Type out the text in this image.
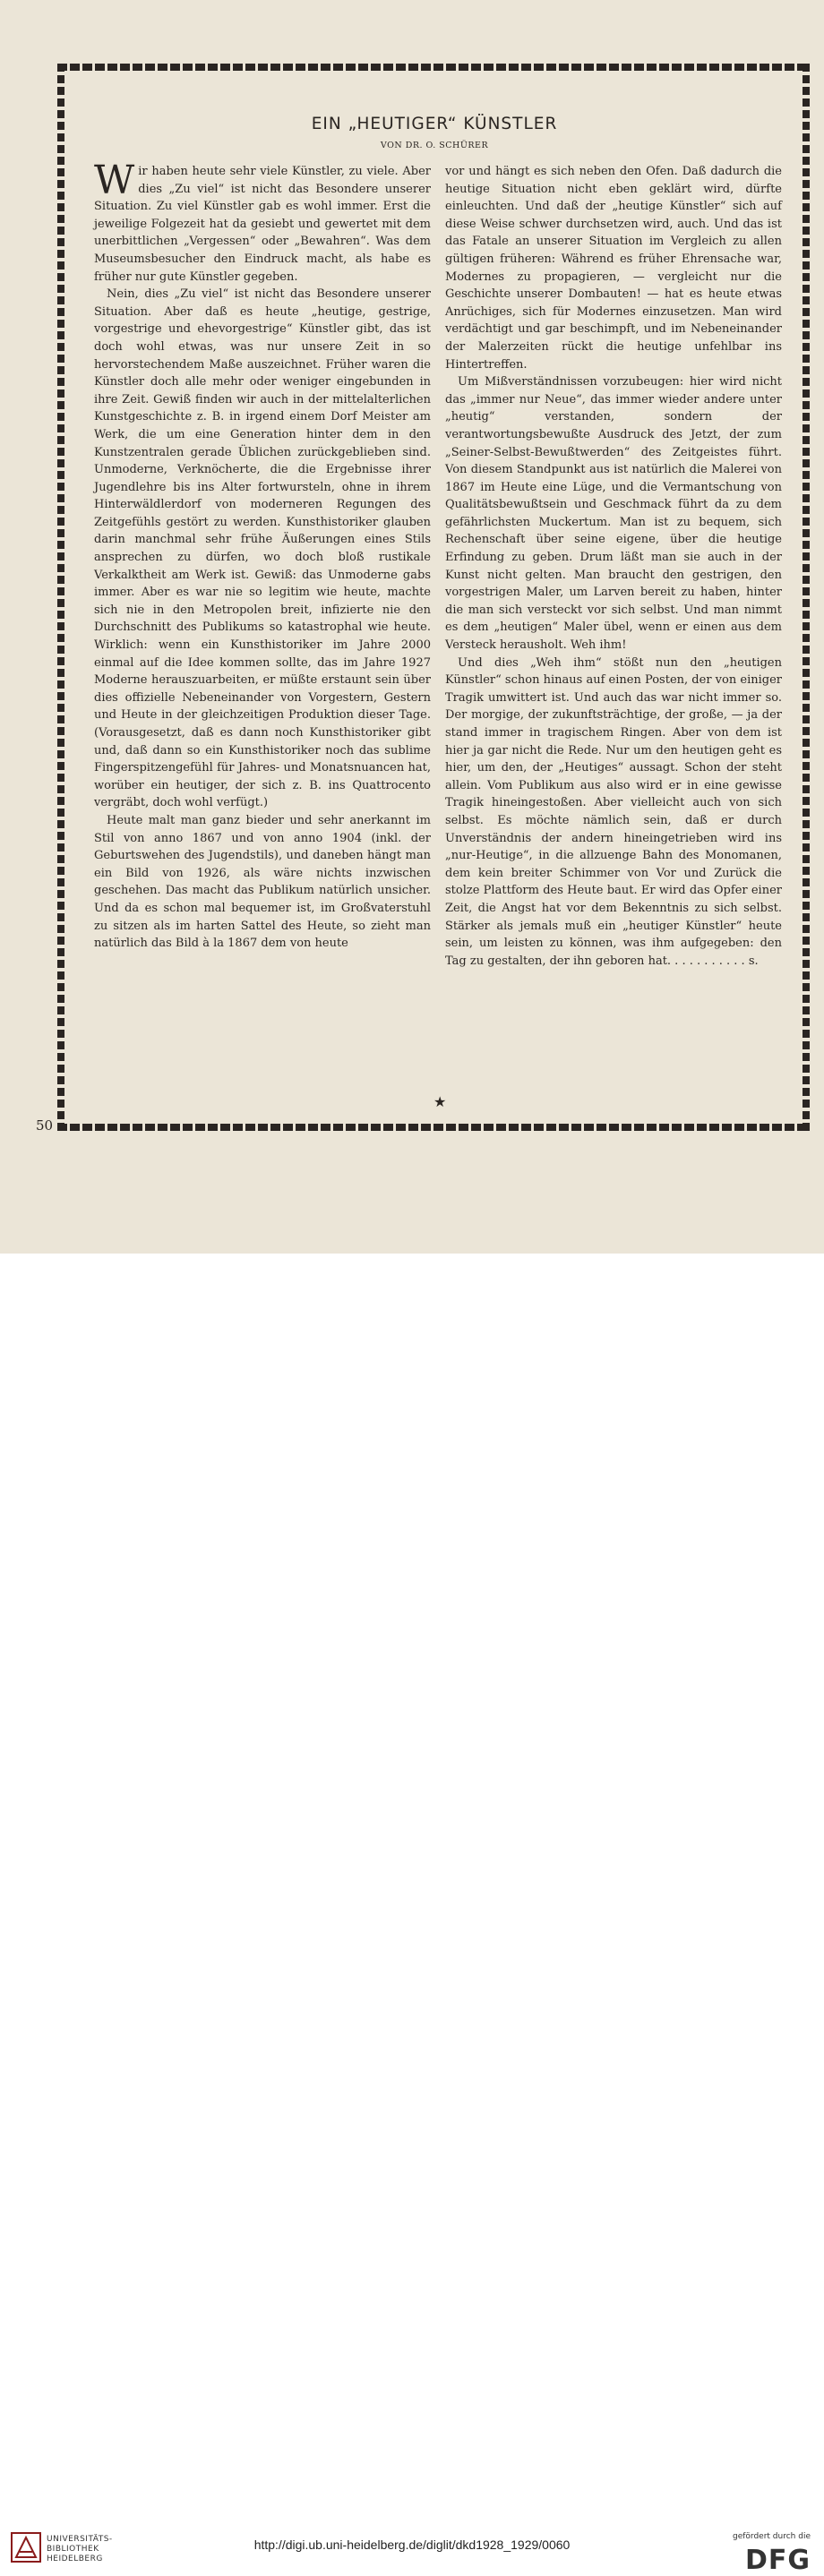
EIN „HEUTIGER“ KÜNSTLER
VON DR. O. SCHÜRER

Wir haben heute sehr viele Künstler, zu viele. Aber dies „Zu viel“ ist nicht das Besondere unserer Situation. Zu viel Künstler gab es wohl immer. Erst die jeweilige Folgezeit hat da gesiebt und gewertet mit dem unerbittlichen „Vergessen“ oder „Bewahren“. Was dem Museumsbesucher den Eindruck macht, als habe es früher nur gute Künstler gegeben.

Nein, dies „Zu viel“ ist nicht das Besondere unserer Situation. Aber daß es heute „heutige, gestrige, vorgestrige und ehevorgestrige“ Künstler gibt, das ist doch wohl etwas, was nur unsere Zeit in so hervorstechendem Maße auszeichnet. Früher waren die Künstler doch alle mehr oder weniger eingebunden in ihre Zeit. Gewiß finden wir auch in der mittelalterlichen Kunstgeschichte z. B. in irgend einem Dorf Meister am Werk, die um eine Generation hinter dem in den Kunstzentralen gerade Üblichen zurückgeblieben sind. Unmoderne, Verknöcherte, die die Ergebnisse ihrer Jugendlehre bis ins Alter fortwursteln, ohne in ihrem Hinterwäldlerdorf von moderneren Regungen des Zeitgefühls gestört zu werden. Kunsthistoriker glauben darin manchmal sehr frühe Äußerungen eines Stils ansprechen zu dürfen, wo doch bloß rustikale Verkalktheit am Werk ist. Gewiß: das Unmoderne gabs immer. Aber es war nie so legitim wie heute, machte sich nie in den Metropolen breit, infizierte nie den Durchschnitt des Publikums so katastrophal wie heute. Wirklich: wenn ein Kunsthistoriker im Jahre 2000 einmal auf die Idee kommen sollte, das im Jahre 1927 Moderne herauszuarbeiten, er müßte erstaunt sein über dies offizielle Nebeneinander von Vorgestern, Gestern und Heute in der gleichzeitigen Produktion dieser Tage. (Vorausgesetzt, daß es dann noch Kunsthistoriker gibt und, daß dann so ein Kunsthistoriker noch das sublime Fingerspitzengefühl für Jahres- und Monatsnuancen hat, worüber ein heutiger, der sich z. B. ins Quattrocento vergräbt, doch wohl verfügt.)

Heute malt man ganz bieder und sehr anerkannt im Stil von anno 1867 und von anno 1904 (inkl. der Geburtswehen des Jugendstils), und daneben hängt man ein Bild von 1926, als wäre nichts inzwischen geschehen. Das macht das Publikum natürlich unsicher. Und da es schon mal bequemer ist, im Großvaterstuhl zu sitzen als im harten Sattel des Heute, so zieht man natürlich das Bild à la 1867 dem von heute

vor und hängt es sich neben den Ofen. Daß dadurch die heutige Situation nicht eben geklärt wird, dürfte einleuchten. Und daß der „heutige Künstler“ sich auf diese Weise schwer durchsetzen wird, auch. Und das ist das Fatale an unserer Situation im Vergleich zu allen gültigen früheren: Während es früher Ehrensache war, Modernes zu propagieren, — vergleicht nur die Geschichte unserer Dombauten! — hat es heute etwas Anrüchiges, sich für Modernes einzusetzen. Man wird verdächtigt und gar beschimpft, und im Nebeneinander der Malerzeiten rückt die heutige unfehlbar ins Hintertreffen.

Um Mißverständnissen vorzubeugen: hier wird nicht das „immer nur Neue“, das immer wieder andere unter „heutig“ verstanden, sondern der verantwortungsbewußte Ausdruck des Jetzt, der zum „Seiner-Selbst-Bewußtwerden“ des Zeitgeistes führt. Von diesem Standpunkt aus ist natürlich die Malerei von 1867 im Heute eine Lüge, und die Vermantschung von Qualitätsbewußtsein und Geschmack führt da zu dem gefährlichsten Muckertum. Man ist zu bequem, sich Rechenschaft über seine eigene, über die heutige Erfindung zu geben. Drum läßt man sie auch in der Kunst nicht gelten. Man braucht den gestrigen, den vorgestrigen Maler, um Larven bereit zu haben, hinter die man sich versteckt vor sich selbst. Und man nimmt es dem „heutigen“ Maler übel, wenn er einen aus dem Versteck herausholt. Weh ihm!

Und dies „Weh ihm“ stößt nun den „heutigen Künstler“ schon hinaus auf einen Posten, der von einiger Tragik umwittert ist. Und auch das war nicht immer so. Der morgige, der zukunftsträchtige, der große, — ja der stand immer in tragischem Ringen. Aber von dem ist hier ja gar nicht die Rede. Nur um den heutigen geht es hier, um den, der „Heutiges“ aussagt. Schon der steht allein. Vom Publikum aus also wird er in eine gewisse Tragik hineingestoßen. Aber vielleicht auch von sich selbst. Es möchte nämlich sein, daß er durch Unverständnis der andern hineingetrieben wird ins „nur-Heutige“, in die allzuenge Bahn des Monomanen, dem kein breiter Schimmer von Vor und Zurück die stolze Plattform des Heute baut. Er wird das Opfer einer Zeit, die Angst hat vor dem Bekenntnis zu sich selbst. Stärker als jemals muß ein „heutiger Künstler“ heute sein, um leisten zu können, was ihm aufgegeben: den Tag zu gestalten, der ihn geboren hat. . . . . . . . . . . s.

★
50
UNIVERSITÄTS-
BIBLIOTHEK
HEIDELBERG
http://digi.ub.uni-heidelberg.de/diglit/dkd1928_1929/0060
gefördert durch die
DFG
